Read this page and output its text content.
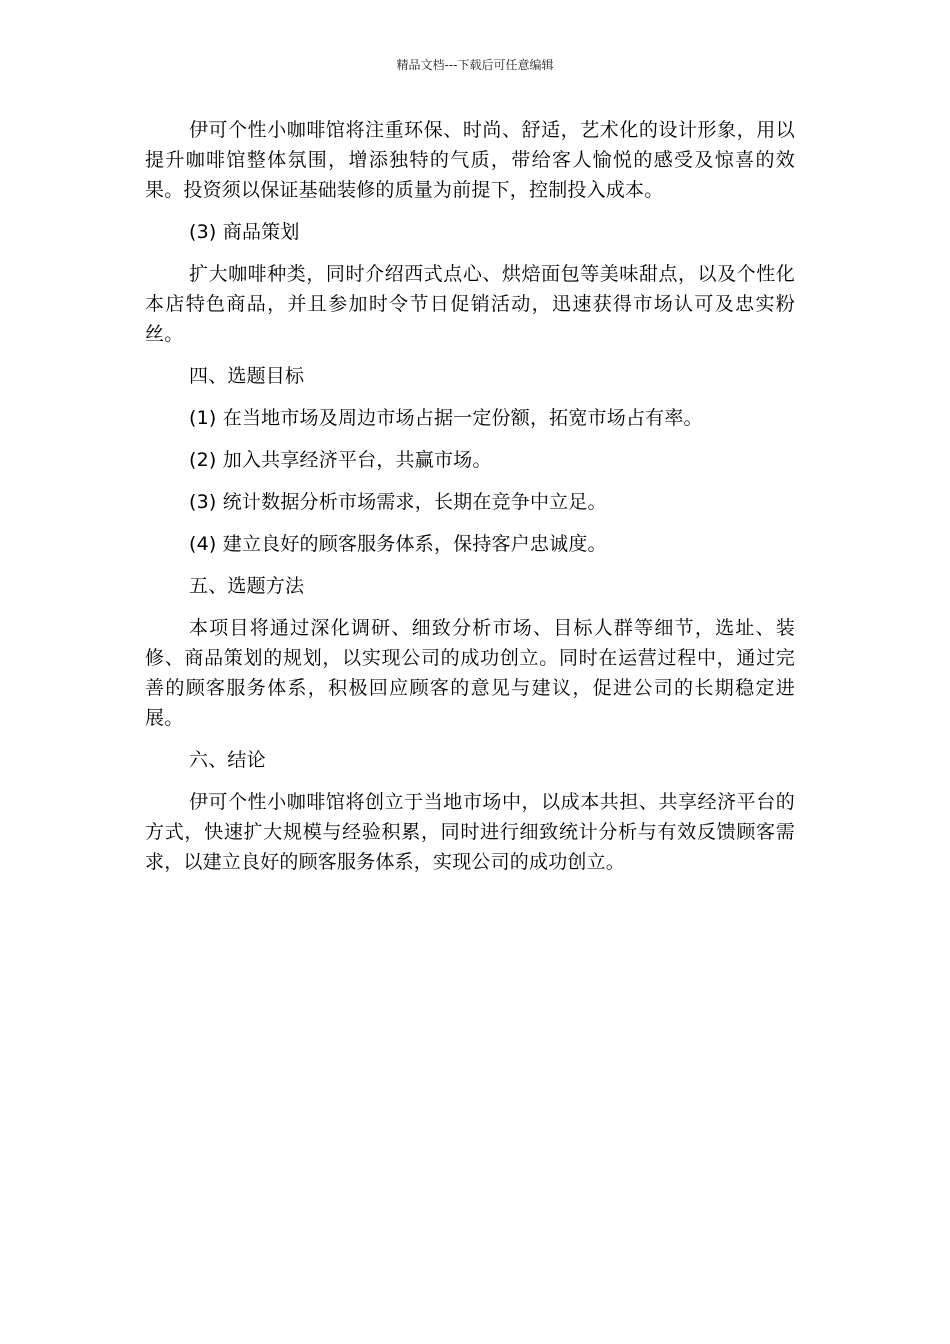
精品文档---下载后可任意编辑

伊可个性小咖啡馆将注重环保、时尚、舒适，艺术化的设计形象，用以提升咖啡馆整体氛围，增添独特的气质，带给客人愉悦的感受及惊喜的效果。投资须以保证基础装修的质量为前提下，控制投入成本。

(3) 商品策划

扩大咖啡种类，同时介绍西式点心、烘焙面包等美味甜点，以及个性化本店特色商品，并且参加时令节日促销活动，迅速获得市场认可及忠实粉丝。

四、选题目标

(1) 在当地市场及周边市场占据一定份额，拓宽市场占有率。

(2) 加入共享经济平台，共赢市场。

(3) 统计数据分析市场需求，长期在竞争中立足。

(4) 建立良好的顾客服务体系，保持客户忠诚度。

五、选题方法

本项目将通过深化调研、细致分析市场、目标人群等细节，选址、装修、商品策划的规划，以实现公司的成功创立。同时在运营过程中，通过完善的顾客服务体系，积极回应顾客的意见与建议，促进公司的长期稳定进展。

六、结论

伊可个性小咖啡馆将创立于当地市场中，以成本共担、共享经济平台的方式，快速扩大规模与经验积累，同时进行细致统计分析与有效反馈顾客需求，以建立良好的顾客服务体系，实现公司的成功创立。
